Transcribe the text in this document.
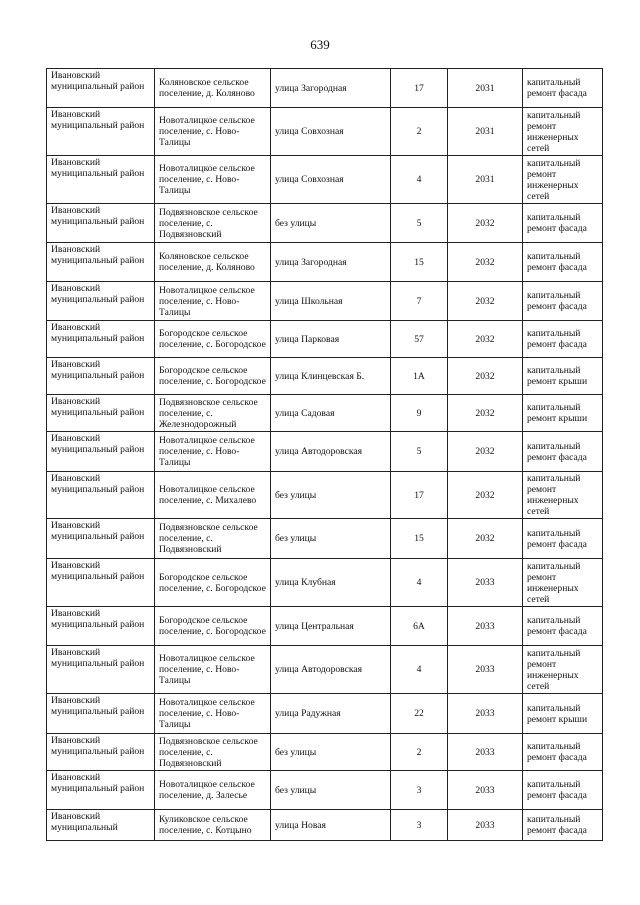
639
Ивановский муниципальный район	Коляновское сельское поселение, д. Коляново	улица Загородная	17	2031	капитальный ремонт фасада
Ивановский муниципальный район	Новоталицкое сельское поселение, с. Ново-Талицы	улица Совхозная	2	2031	капитальный ремонт инженерных сетей
Ивановский муниципальный район	Новоталицкое сельское поселение, с. Ново-Талицы	улица Совхозная	4	2031	капитальный ремонт инженерных сетей
Ивановский муниципальный район	Подвязновское сельское поселение, с. Подвязновский	без улицы	5	2032	капитальный ремонт фасада
Ивановский муниципальный район	Коляновское сельское поселение, д. Коляново	улица Загородная	15	2032	капитальный ремонт фасада
Ивановский муниципальный район	Новоталицкое сельское поселение, с. Ново-Талицы	улица Школьная	7	2032	капитальный ремонт фасада
Ивановский муниципальный район	Богородское сельское поселение, с. Богородское	улица Парковая	57	2032	капитальный ремонт фасада
Ивановский муниципальный район	Богородское сельское поселение, с. Богородское	улица Клинцевская Б.	1А	2032	капитальный ремонт крыши
Ивановский муниципальный район	Подвязновское сельское поселение, с. Железнодорожный	улица Садовая	9	2032	капитальный ремонт крыши
Ивановский муниципальный район	Новоталицкое сельское поселение, с. Ново-Талицы	улица Автодоровская	5	2032	капитальный ремонт фасада
Ивановский муниципальный район	Новоталицкое сельское поселение, с. Михалево	без улицы	17	2032	капитальный ремонт инженерных сетей
Ивановский муниципальный район	Подвязновское сельское поселение, с. Подвязновский	без улицы	15	2032	капитальный ремонт фасада
Ивановский муниципальный район	Богородское сельское поселение, с. Богородское	улица Клубная	4	2033	капитальный ремонт инженерных сетей
Ивановский муниципальный район	Богородское сельское поселение, с. Богородское	улица Центральная	6А	2033	капитальный ремонт фасада
Ивановский муниципальный район	Новоталицкое сельское поселение, с. Ново-Талицы	улица Автодоровская	4	2033	капитальный ремонт инженерных сетей
Ивановский муниципальный район	Новоталицкое сельское поселение, с. Ново-Талицы	улица Радужная	22	2033	капитальный ремонт крыши
Ивановский муниципальный район	Подвязновское сельское поселение, с. Подвязновский	без улицы	2	2033	капитальный ремонт фасада
Ивановский муниципальный район	Новоталицкое сельское поселение, д. Залесье	без улицы	3	2033	капитальный ремонт фасада
Ивановский муниципальный	Куликовское сельское поселение, с. Котцыно	улица Новая	3	2033	капитальный ремонт фасада
